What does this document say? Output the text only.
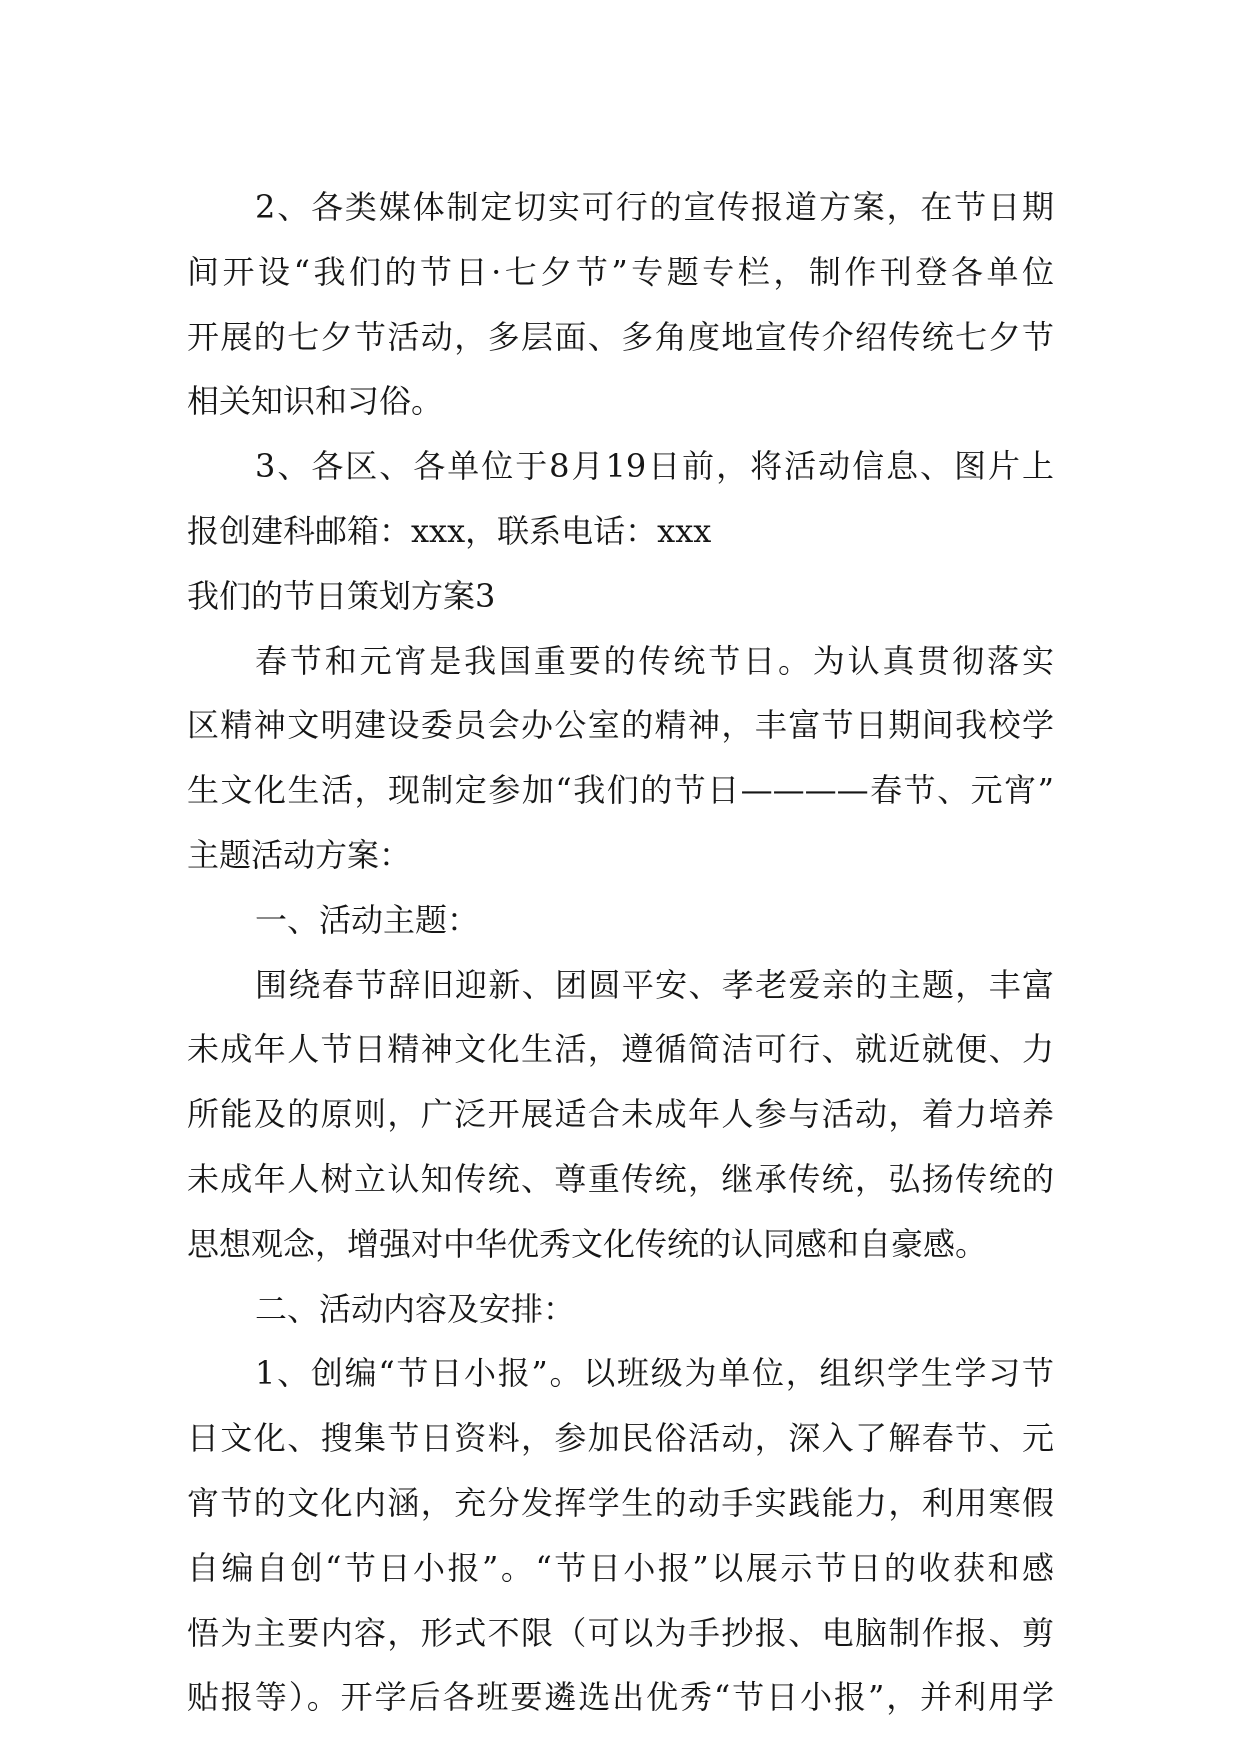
2、各类媒体制定切实可行的宣传报道方案，在节日期
间开设“我们的节日·七夕节”专题专栏，制作刊登各单位
开展的七夕节活动，多层面、多角度地宣传介绍传统七夕节
相关知识和习俗。
3、各区、各单位于8月19日前，将活动信息、图片上
报创建科邮箱：xxx，联系电话：xxx
我们的节日策划方案3
春节和元宵是我国重要的传统节日。为认真贯彻落实
区精神文明建设委员会办公室的精神，丰富节日期间我校学
生文化生活，现制定参加“我们的节日————春节、元宵”
主题活动方案：
一、活动主题：
围绕春节辞旧迎新、团圆平安、孝老爱亲的主题，丰富
未成年人节日精神文化生活，遵循简洁可行、就近就便、力
所能及的原则，广泛开展适合未成年人参与活动，着力培养
未成年人树立认知传统、尊重传统，继承传统，弘扬传统的
思想观念，增强对中华优秀文化传统的认同感和自豪感。
二、活动内容及安排：
1、创编“节日小报”。以班级为单位，组织学生学习节
日文化、搜集节日资料，参加民俗活动，深入了解春节、元
宵节的文化内涵，充分发挥学生的动手实践能力，利用寒假
自编自创“节日小报”。“节日小报”以展示节日的收获和感
悟为主要内容，形式不限（可以为手抄报、电脑制作报、剪
贴报等）。开学后各班要遴选出优秀“节日小报”，并利用学
